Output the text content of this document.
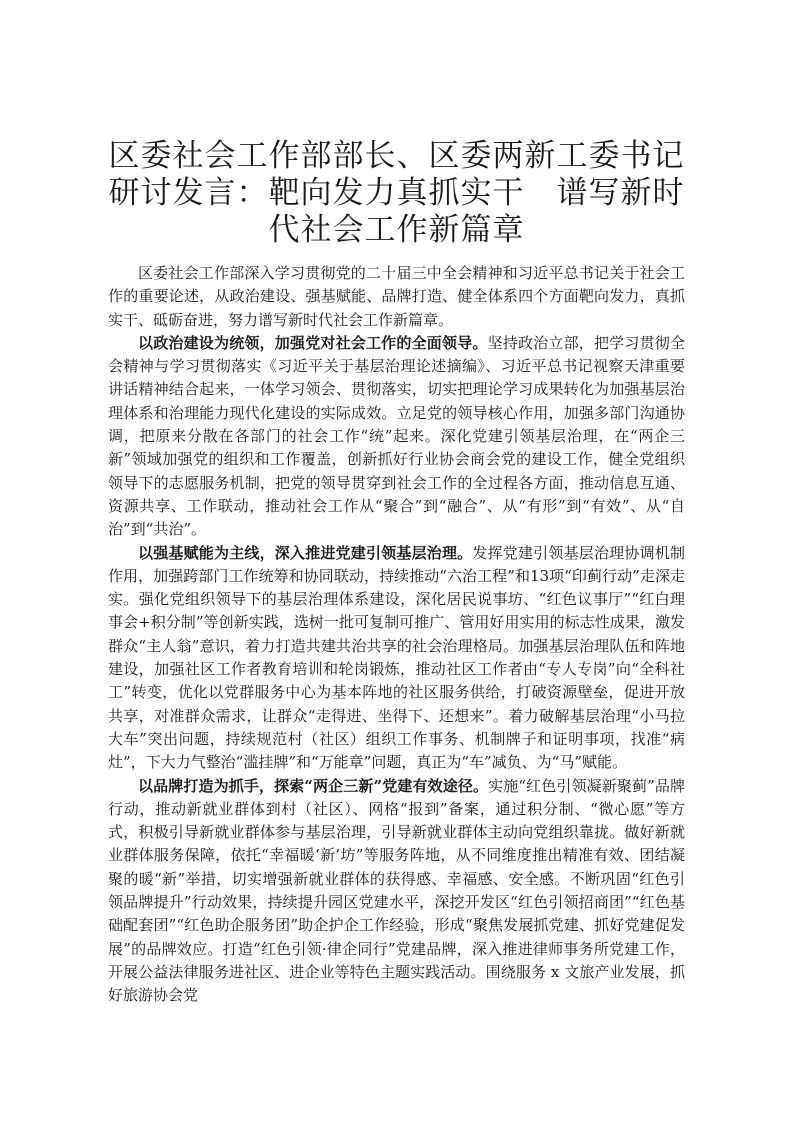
区委社会工作部部长、区委两新工委书记研讨发言：靶向发力真抓实干　谱写新时代社会工作新篇章

区委社会工作部深入学习贯彻党的二十届三中全会精神和习近平总书记关于社会工作的重要论述，从政治建设、强基赋能、品牌打造、健全体系四个方面靶向发力，真抓实干、砥砺奋进，努力谱写新时代社会工作新篇章。

以政治建设为统领，加强党对社会工作的全面领导。坚持政治立部，把学习贯彻全会精神与学习贯彻落实《习近平关于基层治理论述摘编》、习近平总书记视察天津重要讲话精神结合起来，一体学习领会、贯彻落实，切实把理论学习成果转化为加强基层治理体系和治理能力现代化建设的实际成效。立足党的领导核心作用，加强多部门沟通协调，把原来分散在各部门的社会工作“统”起来。深化党建引领基层治理，在“两企三新”领域加强党的组织和工作覆盖，创新抓好行业协会商会党的建设工作，健全党组织领导下的志愿服务机制，把党的领导贯穿到社会工作的全过程各方面，推动信息互通、资源共享、工作联动，推动社会工作从“聚合”到“融合”、从“有形”到“有效”、从“自治”到“共治”。

以强基赋能为主线，深入推进党建引领基层治理。发挥党建引领基层治理协调机制作用，加强跨部门工作统筹和协同联动，持续推动“六治工程”和13项“印蓟行动”走深走实。强化党组织领导下的基层治理体系建设，深化居民说事坊、“红色议事厅”“红白理事会+积分制”等创新实践，选树一批可复制可推广、管用好用实用的标志性成果，激发群众“主人翁”意识，着力打造共建共治共享的社会治理格局。加强基层治理队伍和阵地建设，加强社区工作者教育培训和轮岗锻炼，推动社区工作者由“专人专岗”向“全科社工”转变，优化以党群服务中心为基本阵地的社区服务供给，打破资源壁垒，促进开放共享，对准群众需求，让群众“走得进、坐得下、还想来”。着力破解基层治理“小马拉大车”突出问题，持续规范村（社区）组织工作事务、机制牌子和证明事项，找准“病灶”，下大力气整治“滥挂牌”和“万能章”问题，真正为“车”减负、为“马”赋能。

以品牌打造为抓手，探索“两企三新”党建有效途径。实施“红色引领凝新聚蓟”品牌行动，推动新就业群体到村（社区）、网格“报到”备案，通过积分制、“微心愿”等方式，积极引导新就业群体参与基层治理，引导新就业群体主动向党组织靠拢。做好新就业群体服务保障，依托“幸福暖‘新’坊”等服务阵地，从不同维度推出精准有效、团结凝聚的暖“新”举措，切实增强新就业群体的获得感、幸福感、安全感。不断巩固“红色引领品牌提升”行动效果，持续提升园区党建水平，深挖开发区“红色引领招商团”“红色基础配套团”“红色助企服务团”助企护企工作经验，形成“聚焦发展抓党建、抓好党建促发展”的品牌效应。打造“红色引领·律企同行”党建品牌，深入推进律师事务所党建工作，开展公益法律服务进社区、进企业等特色主题实践活动。围绕服务 x 文旅产业发展，抓好旅游协会党
